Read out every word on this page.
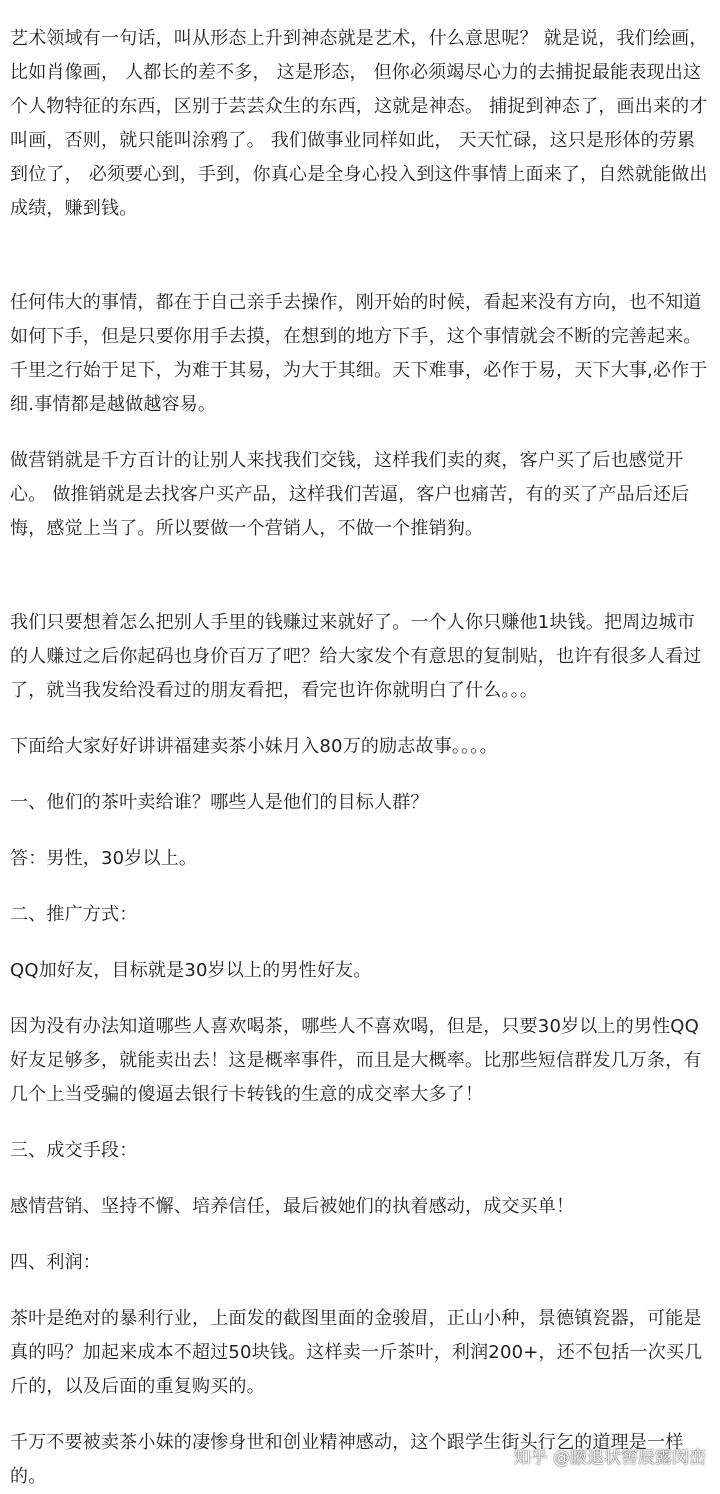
艺术领域有一句话，叫从形态上升到神态就是艺术，什么意思呢？ 就是说，我们绘画，比如肖像画， 人都长的差不多， 这是形态， 但你必须竭尽心力的去捕捉最能表现出这个人物特征的东西，区别于芸芸众生的东西，这就是神态。 捕捉到神态了，画出来的才叫画，否则，就只能叫涂鸦了。 我们做事业同样如此， 天天忙碌，这只是形体的劳累到位了， 必须要心到，手到，你真心是全身心投入到这件事情上面来了，自然就能做出成绩，赚到钱。

任何伟大的事情，都在于自己亲手去操作，刚开始的时候，看起来没有方向，也不知道如何下手，但是只要你用手去摸，在想到的地方下手，这个事情就会不断的完善起来。千里之行始于足下，为难于其易，为大于其细。天下难事，必作于易，天下大事,必作于细.事情都是越做越容易。

做营销就是千方百计的让别人来找我们交钱，这样我们卖的爽，客户买了后也感觉开心。 做推销就是去找客户买产品，这样我们苦逼，客户也痛苦，有的买了产品后还后悔，感觉上当了。所以要做一个营销人，不做一个推销狗。

我们只要想着怎么把别人手里的钱赚过来就好了。一个人你只赚他1块钱。把周边城市的人赚过之后你起码也身价百万了吧？给大家发个有意思的复制贴，也许有很多人看过了，就当我发给没看过的朋友看把，看完也许你就明白了什么。。。

下面给大家好好讲讲福建卖茶小妹月入80万的励志故事。。。。

一、他们的茶叶卖给谁？哪些人是他们的目标人群？

答：男性，30岁以上。

二、推广方式：

QQ加好友，目标就是30岁以上的男性好友。

因为没有办法知道哪些人喜欢喝茶，哪些人不喜欢喝，但是，只要30岁以上的男性QQ好友足够多，就能卖出去！这是概率事件，而且是大概率。比那些短信群发几万条，有几个上当受骗的傻逼去银行卡转钱的生意的成交率大多了！

三、成交手段：

感情营销、坚持不懈、培养信任，最后被她们的执着感动，成交买单！

四、利润：

茶叶是绝对的暴利行业，上面发的截图里面的金骏眉，正山小种，景德镇瓷器，可能是真的吗？加起来成本不超过50块钱。这样卖一斤茶叶，利润200+，还不包括一次买几斤的，以及后面的重复购买的。

千万不要被卖茶小妹的凄惨身世和创业精神感动，这个跟学生街头行乞的道理是一样的。

知乎 @腋退状窖辰露闵峦
